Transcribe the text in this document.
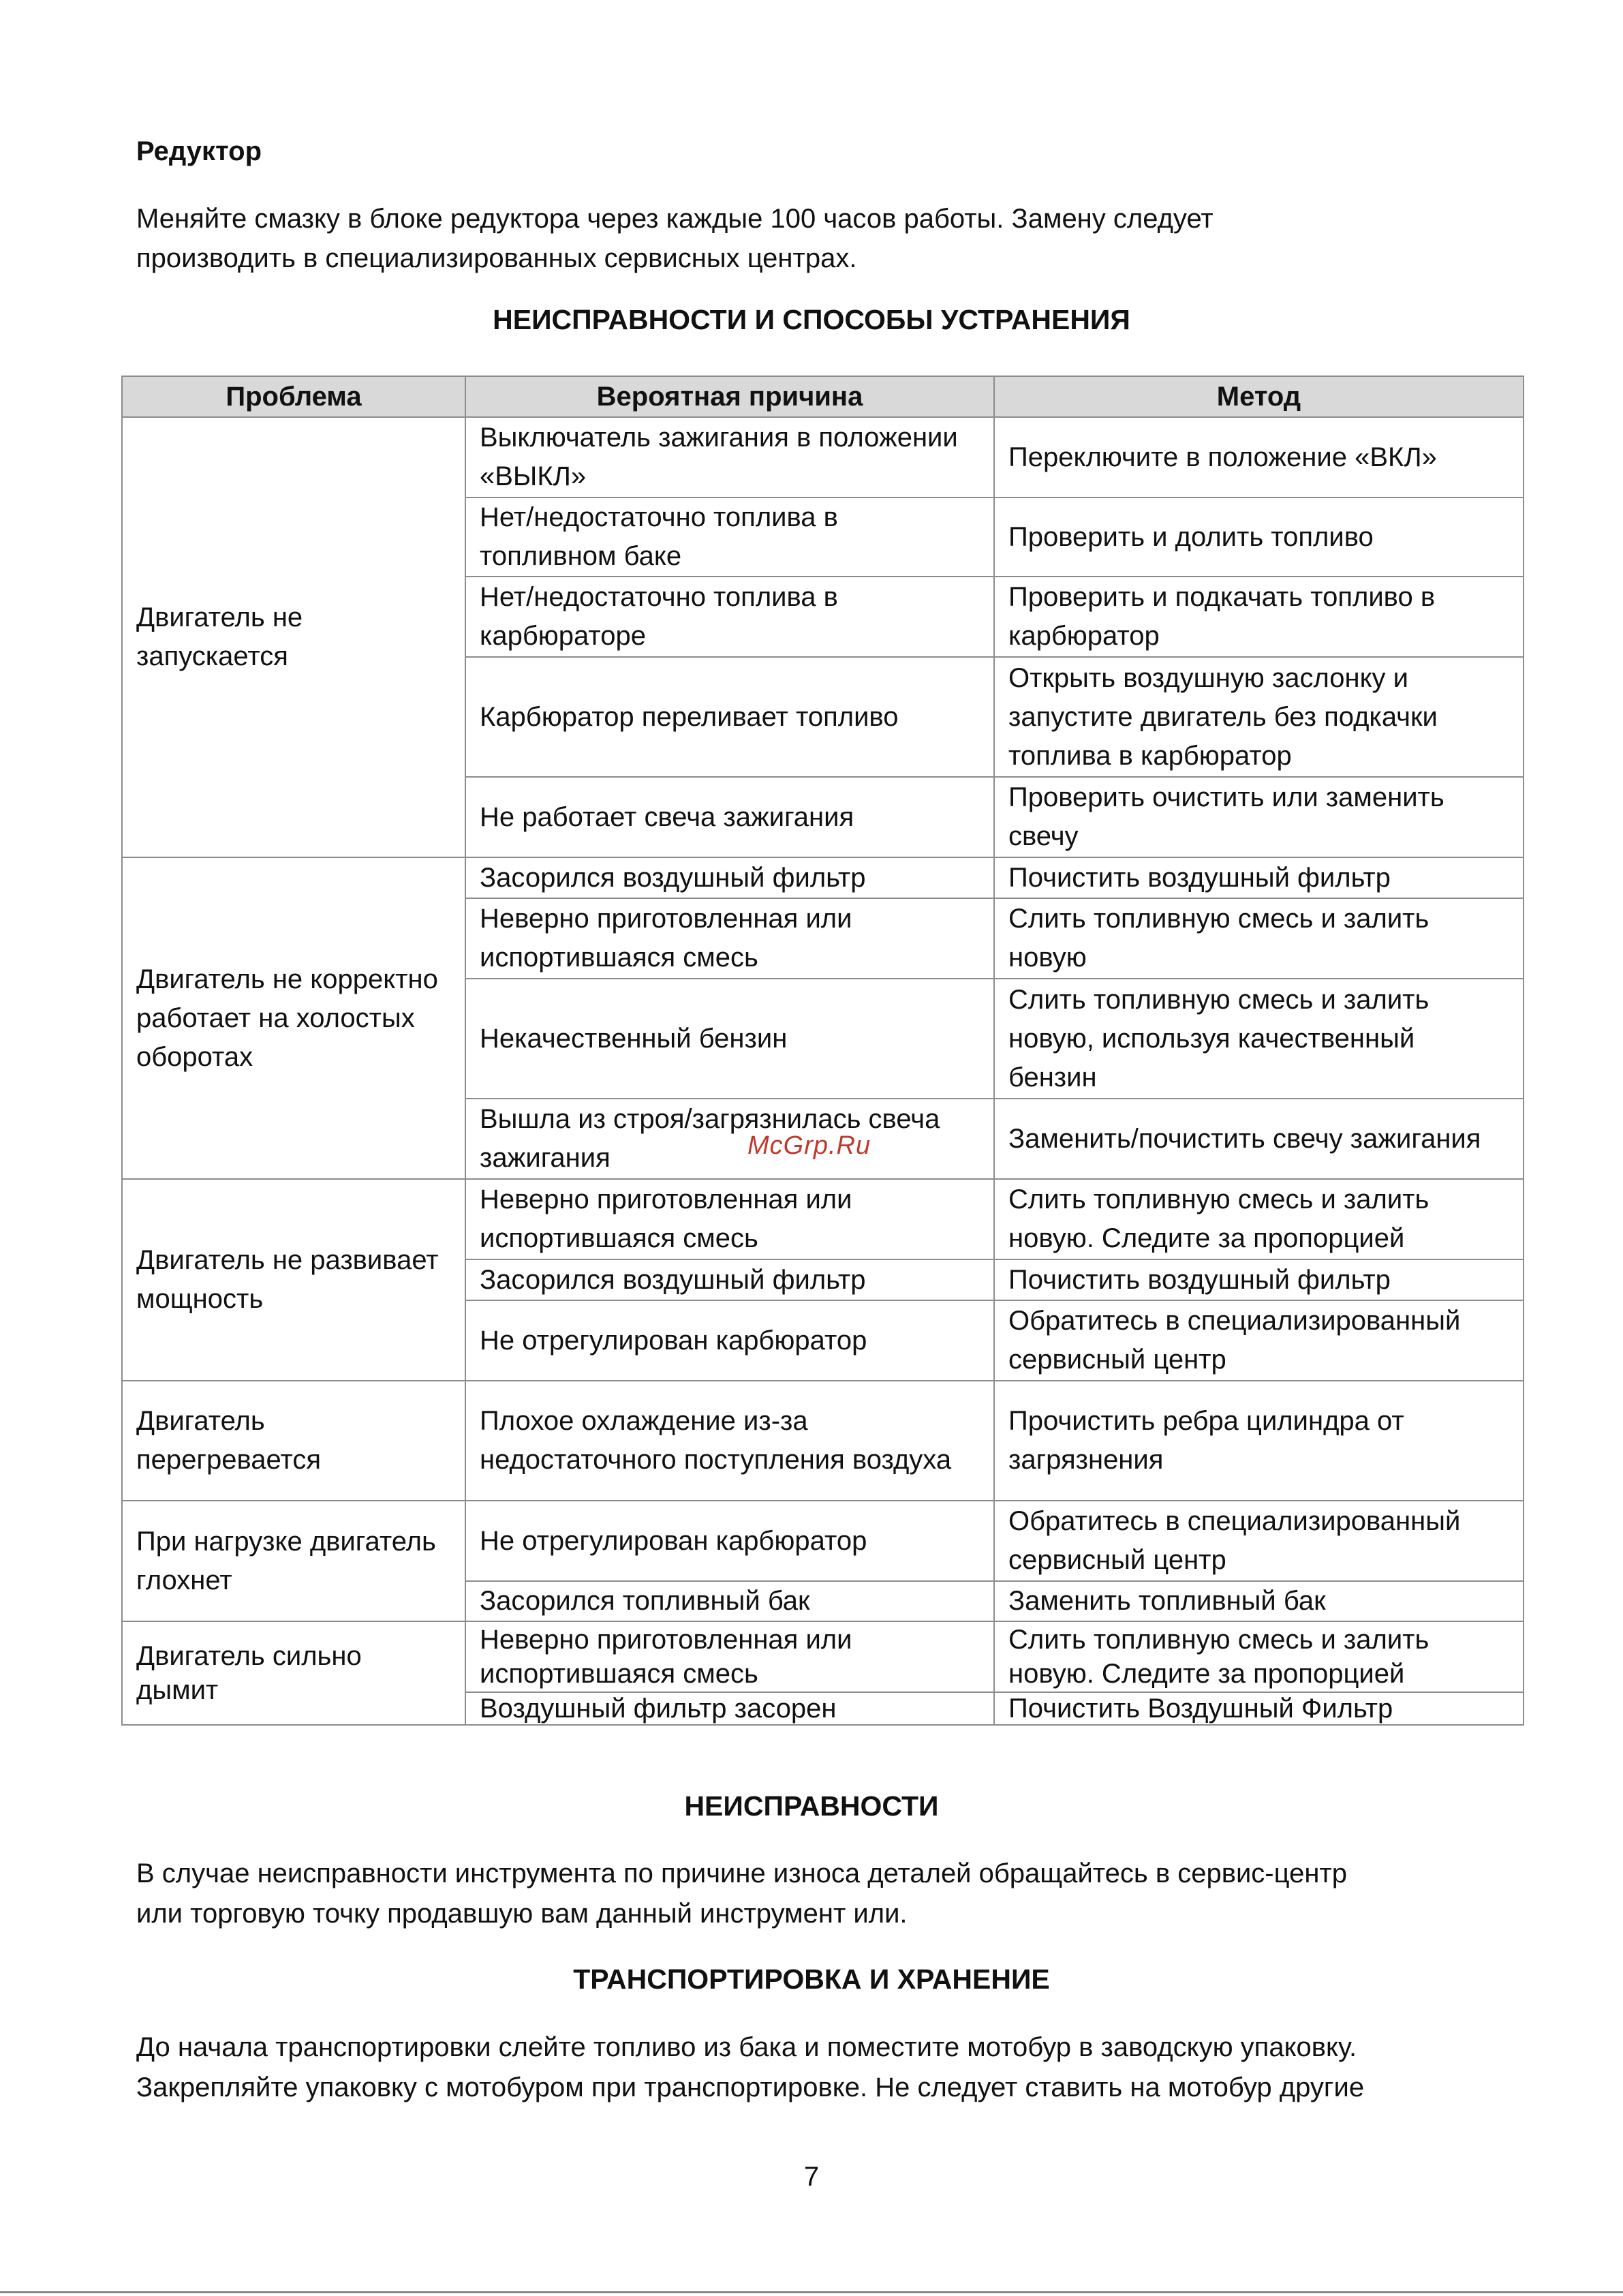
Редуктор
Меняйте смазку в блоке редуктора через каждые 100 часов работы. Замену следует
производить в специализированных сервисных центрах.
НЕИСПРАВНОСТИ И СПОСОБЫ УСТРАНЕНИЯ
Проблема	Вероятная причина	Метод
Двигатель не запускается	Выключатель зажигания в положении «ВЫКЛ»	Переключите в положение «ВКЛ»
	Нет/недостаточно топлива в топливном баке	Проверить и долить топливо
	Нет/недостаточно топлива в карбюраторе	Проверить и подкачать топливо в карбюратор
	Карбюратор переливает топливо	Открыть воздушную заслонку и запустите двигатель без подкачки топлива в карбюратор
	Не работает свеча зажигания	Проверить очистить или заменить свечу
Двигатель не корректно работает на холостых оборотах	Засорился воздушный фильтр	Почистить воздушный фильтр
	Неверно приготовленная или испортившаяся смесь	Слить топливную смесь и залить новую
	Некачественный бензин	Слить топливную смесь и залить новую, используя качественный бензин
	Вышла из строя/загрязнилась свеча зажигания	Заменить/почистить свечу зажигания
Двигатель не развивает мощность	Неверно приготовленная или испортившаяся смесь	Слить топливную смесь и залить новую. Следите за пропорцией
	Засорился воздушный фильтр	Почистить воздушный фильтр
	Не отрегулирован карбюратор	Обратитесь в специализированный сервисный центр
Двигатель перегревается	Плохое охлаждение из-за недостаточного поступления воздуха	Прочистить ребра цилиндра от загрязнения
При нагрузке двигатель глохнет	Не отрегулирован карбюратор	Обратитесь в специализированный сервисный центр
	Засорился топливный бак	Заменить топливный бак
Двигатель сильно дымит	Неверно приготовленная или испортившаяся смесь	Слить топливную смесь и залить новую. Следите за пропорцией
	Воздушный фильтр засорен	Почистить Воздушный Фильтр
McGrp.Ru
НЕИСПРАВНОСТИ
В случае неисправности инструмента по причине износа деталей обращайтесь в сервис-центр
или торговую точку продавшую вам данный инструмент или.
ТРАНСПОРТИРОВКА И ХРАНЕНИЕ
До начала транспортировки слейте топливо из бака и поместите мотобур в заводскую упаковку.
Закрепляйте упаковку с мотобуром при транспортировке. Не следует ставить на мотобур другие
7
